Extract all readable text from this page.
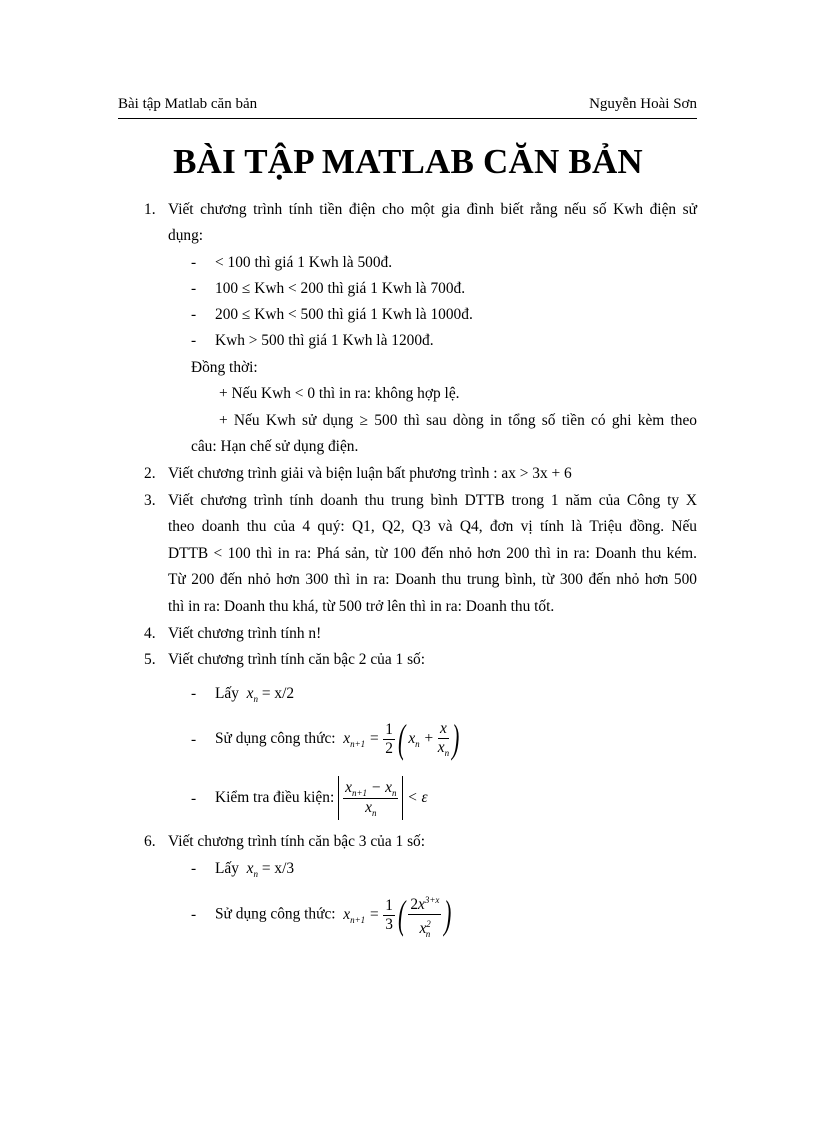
Bài tập Matlab căn bản	Nguyễn Hoài Sơn
BÀI TẬP MATLAB CĂN BẢN
1. Viết chương trình tính tiền điện cho một gia đình biết rằng nếu số Kwh điện sử
dụng:
- < 100 thì giá 1 Kwh là 500đ.
- 100 ≤ Kwh < 200 thì giá 1 Kwh là 700đ.
- 200 ≤ Kwh < 500 thì giá 1 Kwh là 1000đ.
- Kwh > 500 thì giá 1 Kwh là 1200đ.
Đồng thời:
+ Nếu Kwh < 0 thì in ra: không hợp lệ.
+ Nếu Kwh sử dụng ≥ 500 thì sau dòng in tổng số tiền có ghi kèm theo
câu: Hạn chế sử dụng điện.
2. Viết chương trình giải và biện luận bất phương trình : ax > 3x + 6
3. Viết chương trình tính doanh thu trung bình DTTB trong 1 năm của Công ty X
theo doanh thu của 4 quý: Q1, Q2, Q3 và Q4, đơn vị tính là Triệu đồng. Nếu
DTTB < 100 thì in ra: Phá sản, từ 100 đến nhỏ hơn 200 thì in ra: Doanh thu kém.
Từ 200 đến nhỏ hơn 300 thì in ra: Doanh thu trung bình, từ 300 đến nhỏ hơn 500
thì in ra: Doanh thu khá, từ 500 trở lên thì in ra: Doanh thu tốt.
4. Viết chương trình tính n!
5. Viết chương trình tính căn bậc 2 của 1 số:
- Lấy  $x_n = x/2$
- Sử dụng công thức:  $x_{n+1} = \frac{1}{2}$ ( $x_n + \frac{x}{x_n}$ )
- Kiểm tra điều kiện: $\frac{x_{n+1} - x_n}{x_n} < \varepsilon$
6. Viết chương trình tính căn bậc 3 của 1 số:
- Lấy  $x_n = x/3$
- Sử dụng công thức:  $x_{n+1} = \frac{1}{3}$ ( $\frac{2x^{3+x}}{x^2_n}$ )
